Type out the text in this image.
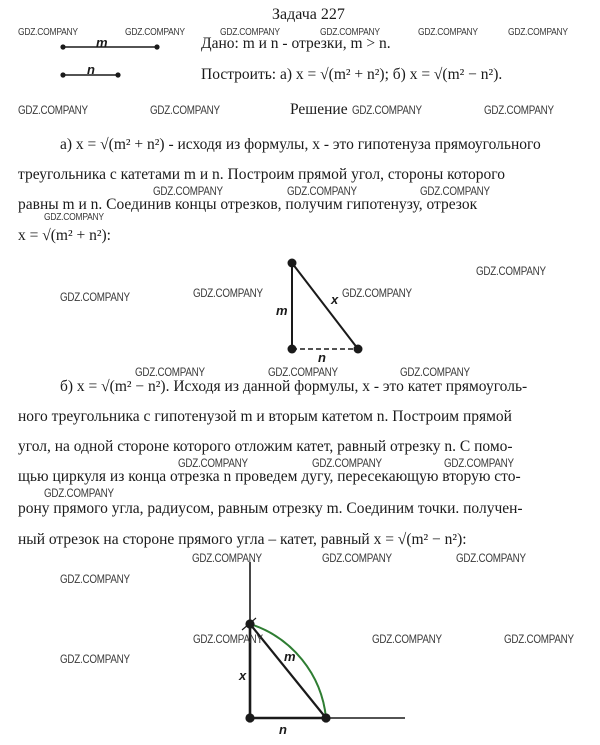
Задача 227
m
n
Дано: m и n - отрезки, m > n.
Построить: а) x = √(m² + n²); б) x = √(m² − n²).
Решение
а) x = √(m² + n²) - исходя из формулы, x - это гипотенуза прямоугольного
треугольника с катетами m и n. Построим прямой угол, стороны которого
равны m и n. Соединив концы отрезков, получим гипотенузу, отрезок
x = √(m² + n²):
m
x
n
б) x = √(m² − n²). Исходя из данной формулы, x - это катет прямоуголь-
ного треугольника с гипотенузой m и вторым катетом n. Построим прямой
угол, на одной стороне которого отложим катет, равный отрезку n. С помо-
щью циркуля из конца отрезка n проведем дугу, пересекающую вторую сто-
рону прямого угла, радиусом, равным отрезку m. Соединим точки. получен-
ный отрезок на стороне прямого угла – катет, равный x = √(m² − n²):
m
x
n
GDZ.COMPANY	GDZ.COMPANY	GDZ.COMPANY	GDZ.COMPANY	GDZ.COMPANY	GDZ.COMPANY
GDZ.COMPANY	GDZ.COMPANY	GDZ.COMPANY	GDZ.COMPANY
GDZ.COMPANY	GDZ.COMPANY	GDZ.COMPANY
GDZ.COMPANY
GDZ.COMPANY
GDZ.COMPANY	GDZ.COMPANY	GDZ.COMPANY
GDZ.COMPANY	GDZ.COMPANY	GDZ.COMPANY
GDZ.COMPANY	GDZ.COMPANY	GDZ.COMPANY
GDZ.COMPANY
GDZ.COMPANY	GDZ.COMPANY	GDZ.COMPANY
GDZ.COMPANY
GDZ.COMPANY	GDZ.COMPANY	GDZ.COMPANY
GDZ.COMPANY
